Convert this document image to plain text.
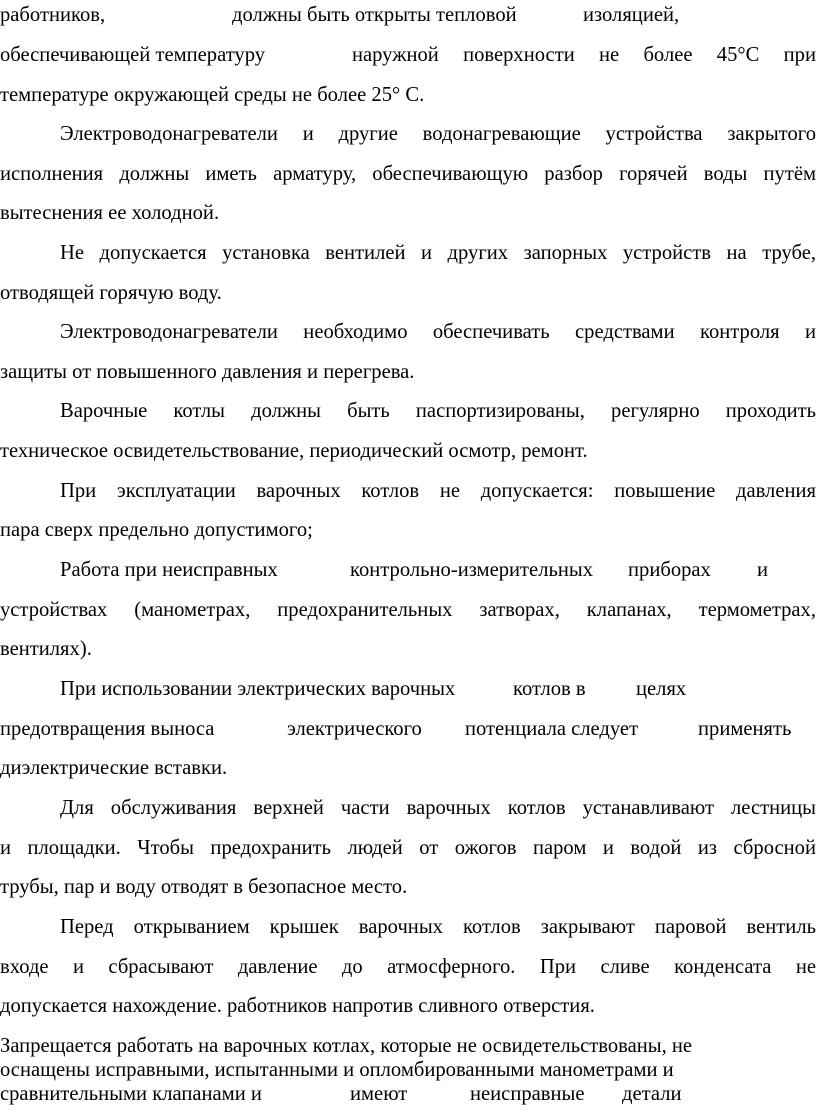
работников,	должны быть открыты тепловой	изоляцией,
обеспечивающей температуру	наружной поверхности не более 45°С при
температуре окружающей среды не более 25° С.
Электроводонагреватели и другие водонагревающие устройства закрытого
исполнения должны иметь арматуру, обеспечивающую разбор горячей воды путём
вытеснения ее холодной.
Не допускается установка вентилей и других запорных устройств на трубе,
отводящей горячую воду.
Электроводонагреватели необходимо обеспечивать средствами контроля и
защиты от повышенного давления и перегрева.
Варочные котлы должны быть паспортизированы, регулярно проходить
техническое освидетельствование, периодический осмотр, ремонт.
При эксплуатации варочных котлов не допускается: повышение давления
пара сверх предельно допустимого;
Работа при неисправных	контрольно-измерительных приборах и
устройствах (манометрах, предохранительных затворах, клапанах, термометрах,
вентилях).
При использовании электрических варочных	котлов в целях
предотвращения выноса	электрического потенциала следует	применять
диэлектрические вставки.
Для обслуживания верхней части варочных котлов устанавливают лестницы
и площадки. Чтобы предохранить людей от ожогов паром и водой из сбросной
трубы, пар и воду отводят в безопасное место.
Перед открыванием крышек варочных котлов закрывают паровой вентиль
входе и сбрасывают давление до атмосферного. При сливе конденсата не
допускается нахождение. работников напротив сливного отверстия.
Запрещается работать на варочных котлах, которые не освидетельствованы, не
оснащены исправными, испытанными и опломбированными манометрами и
сравнительными клапанами и	имеют	неисправные детали
